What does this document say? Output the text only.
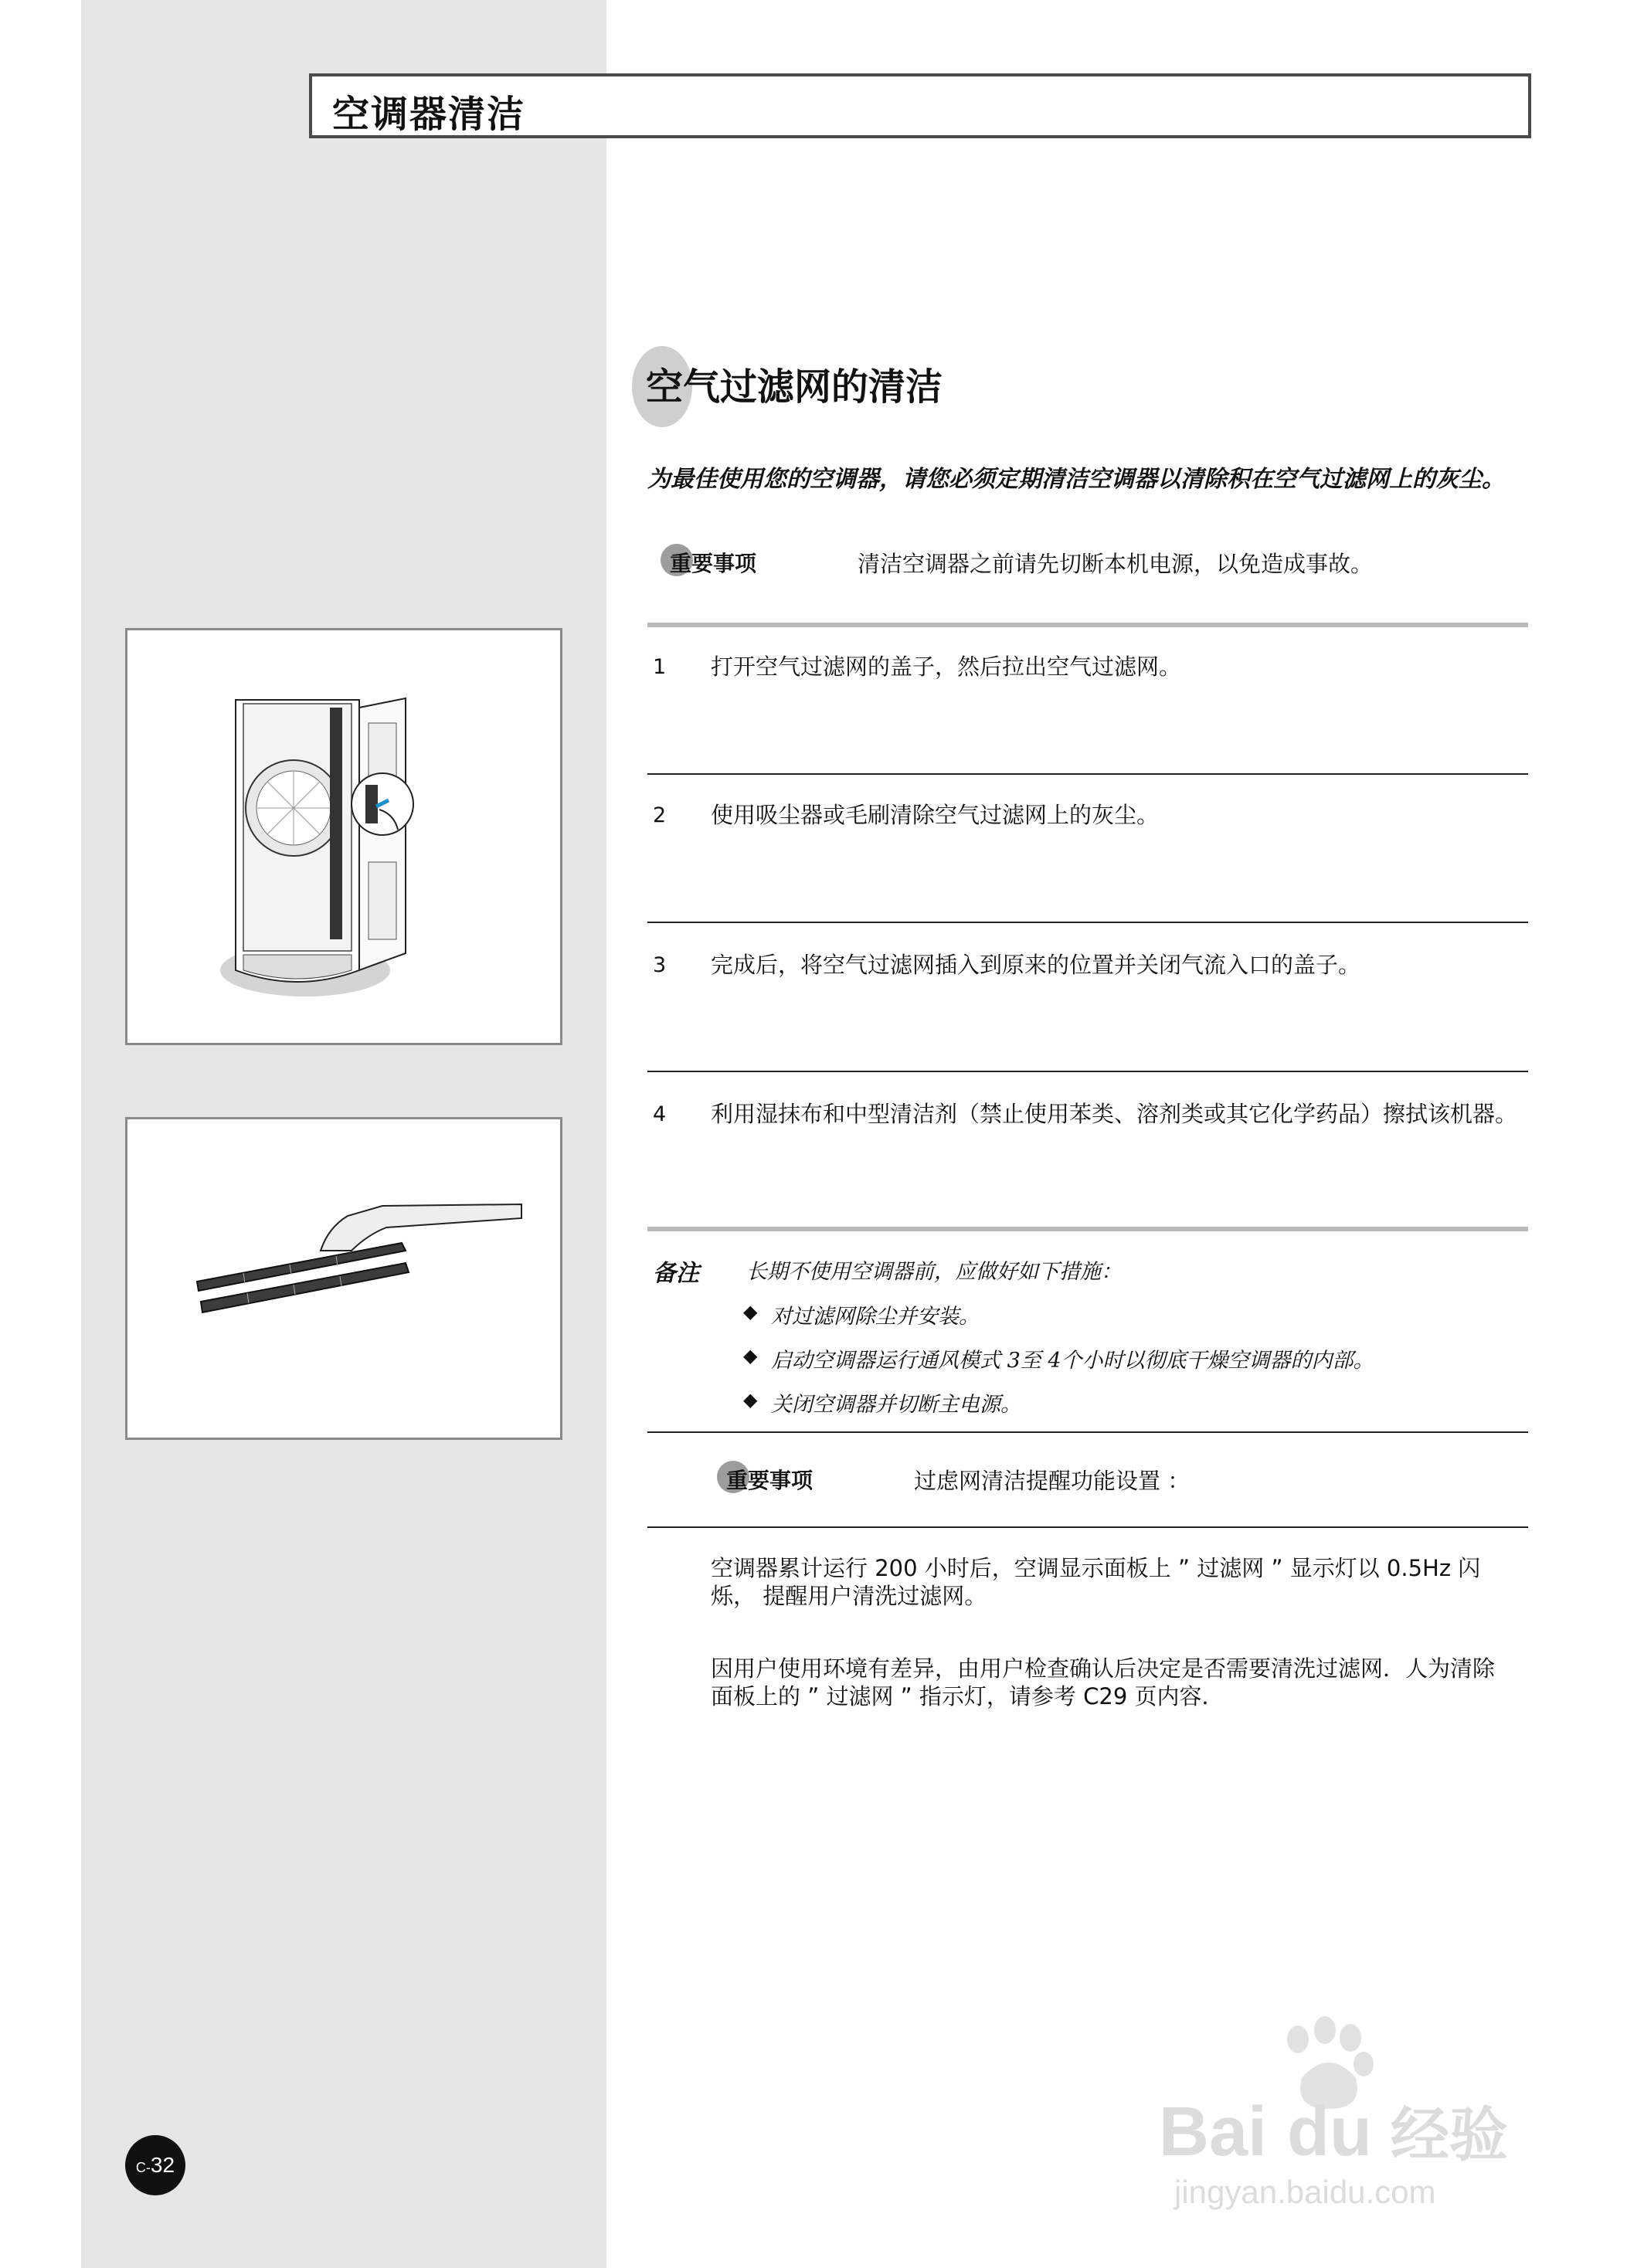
空调器清洁
空气过滤网的清洁
为最佳使用您的空调器，请您必须定期清洁空调器以清除积在空气过滤网上的灰尘。
重要事项	清洁空调器之前请先切断本机电源，以免造成事故。
1 打开空气过滤网的盖子，然后拉出空气过滤网。
2 使用吸尘器或毛刷清除空气过滤网上的灰尘。
3 完成后，将空气过滤网插入到原来的位置并关闭气流入口的盖子。
4 利用湿抹布和中型清洁剂（禁止使用苯类、溶剂类或其它化学药品）擦拭该机器。
备注 长期不使用空调器前，应做好如下措施：
◆ 对过滤网除尘并安装。
◆ 启动空调器运行通风模式 3至 4个小时以彻底干燥空调器的内部。
◆ 关闭空调器并切断主电源。
重要事项	过虑网清洁提醒功能设置 ：
空调器累计运行 200 小时后，空调显示面板上 ” 过滤网 ” 显示灯以 0.5Hz 闪烁， 提醒用户清洗过滤网。
因用户使用环境有差异，由用户检查确认后决定是否需要清洗过滤网．人为清除面板上的 ” 过滤网 ” 指示灯，请参考 C29 页内容．
C-32	Bai du 经验
jingyan.baidu.com
